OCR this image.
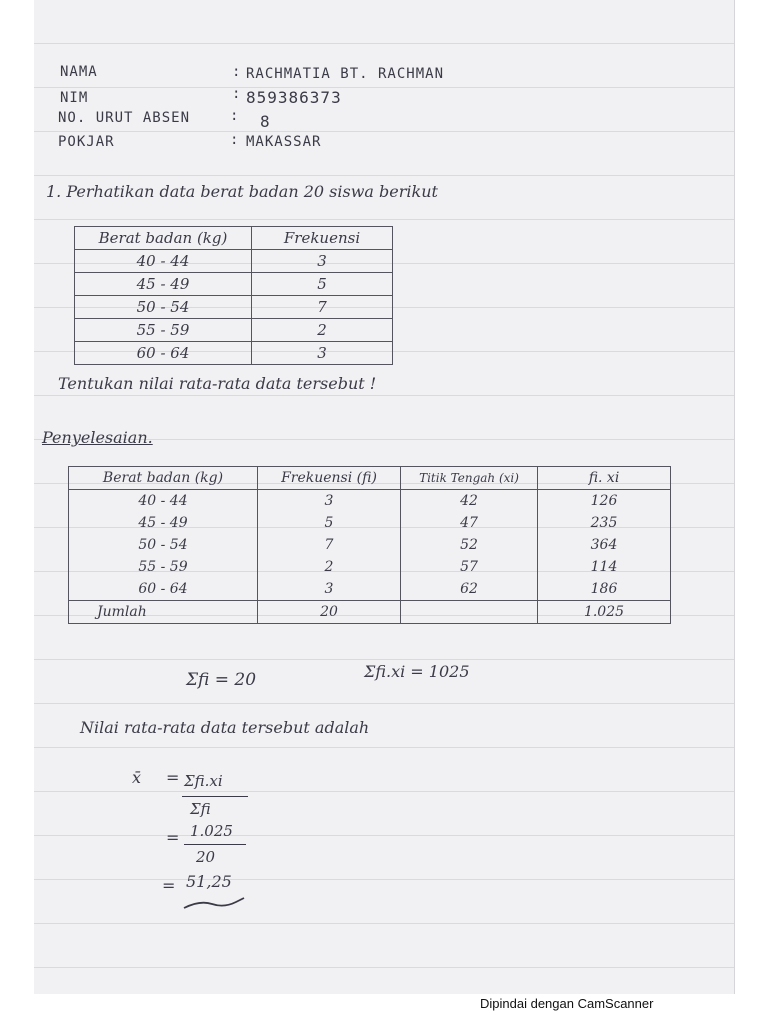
NAMA	: RACHMATIA BT. RACHMAN
NIM	: 859386373
NO. URUT ABSEN	: 8
POKJAR	: MAKASSAR
1. Perhatikan data berat badan 20 siswa berikut
Berat badan (kg)	Frekuensi
40 - 44	3
45 - 49	5
50 - 54	7
55 - 59	2
60 - 64	3
Tentukan nilai rata-rata data tersebut !
Penyelesaian.
Berat badan (kg)	Frekuensi (fi)	Titik Tengah (xi)	fi. xi
40 - 44	3	42	126
45 - 49	5	47	235
50 - 54	7	52	364
55 - 59	2	57	114
60 - 64	3	62	186
Jumlah	20		1.025
Σfi = 20	Σfi.xi = 1025
Nilai rata-rata data tersebut adalah
x̄ = Σfi.xi
Σfi
= 1.025
20
= 51,25
Dipindai dengan CamScanner
